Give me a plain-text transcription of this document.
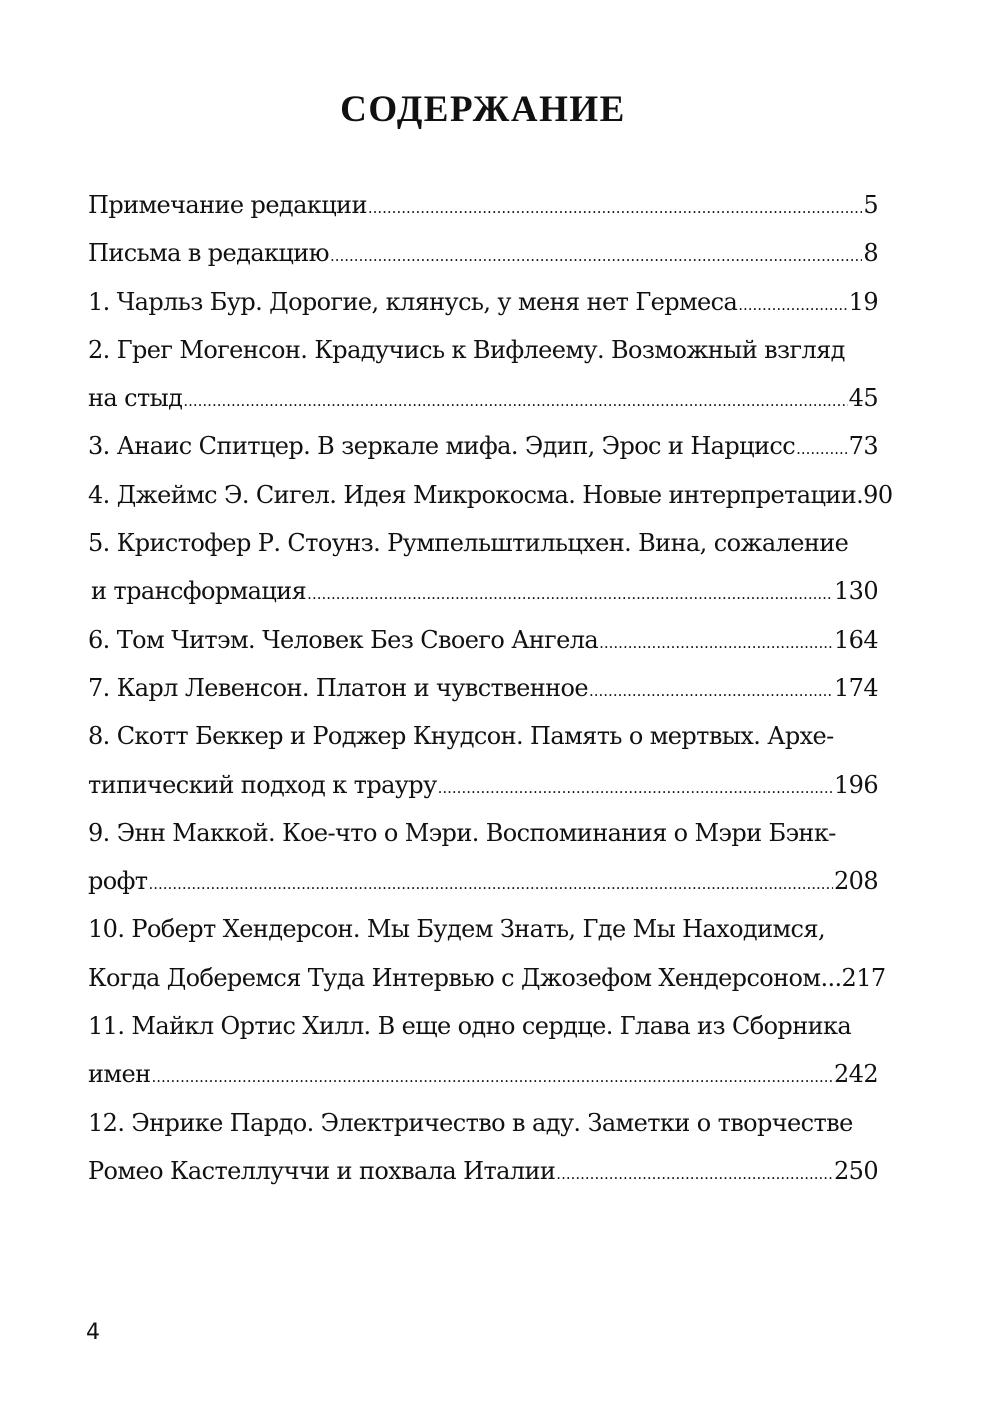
СОДЕРЖАНИЕ
Примечание редакции .....	5
Письма в редакцию .....	8
1. Чарльз Бур. Дорогие, клянусь, у меня нет Гермеса .....	19
2. Грег Могенсон. Крадучись к Вифлеему. Возможный взгляд
на стыд .....	45
3. Анаис Спитцер. В зеркале мифа. Эдип, Эрос и Нарцисс ..... 73
4. Джеймс Э. Сигел. Идея Микрокосма. Новые интерпретации. 90
5. Кристофер Р. Стоунз. Румпельштильцхен. Вина, сожаление
и трансформация .....	130
6. Том Читэм. Человек Без Своего Ангела .....	164
7. Карл Левенсон. Платон и чувственное .....	174
8. Скотт Беккер и Роджер Кнудсон. Память о мертвых. Архе-
типический подход к трауру .....	196
9. Энн Маккой. Кое-что о Мэри. Воспоминания о Мэри Бэнк-
рофт .....	208
10. Роберт Хендерсон. Мы Будем Знать, Где Мы Находимся,
Когда Доберемся Туда Интервью с Джозефом Хендерсоном... 217
11. Майкл Ортис Хилл. В еще одно сердце. Глава из Сборника
имен .....	242
12. Энрике Пардо. Электричество в аду. Заметки о творчестве
Ромео Кастеллуччи и похвала Италии .....	250
4
